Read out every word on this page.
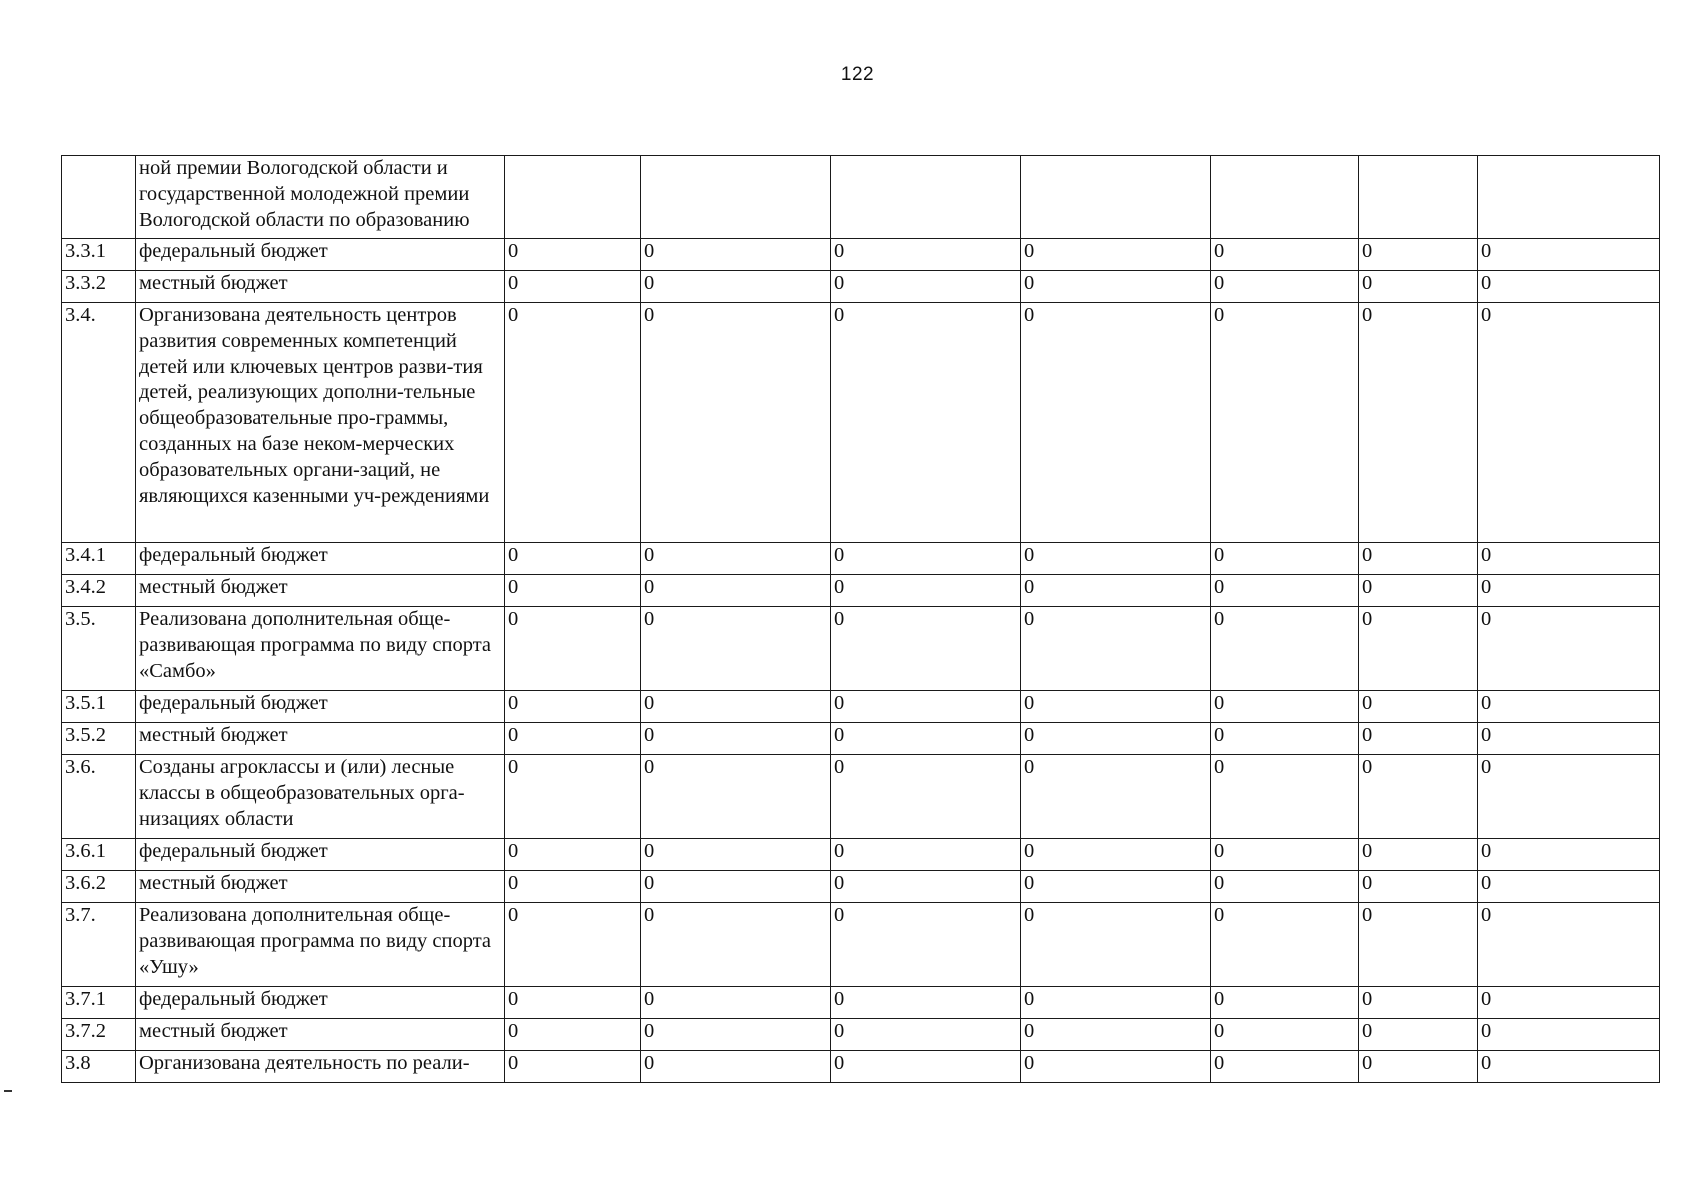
122
	ной премии Вологодской области и государственной молодежной премии Вологодской области по образованию							
3.3.1	федеральный бюджет	0	0	0	0	0	0	0
3.3.2	местный бюджет	0	0	0	0	0	0	0
3.4.	Организована деятельность центров развития современных компетенций детей или ключевых центров разви-тия детей, реализующих дополни-тельные общеобразовательные про-граммы, созданных на базе неком-мерческих образовательных органи-заций, не являющихся казенными уч-реждениями	0	0	0	0	0	0	0
3.4.1	федеральный бюджет	0	0	0	0	0	0	0
3.4.2	местный бюджет	0	0	0	0	0	0	0
3.5.	Реализована дополнительная обще-развивающая программа по виду спорта «Самбо»	0	0	0	0	0	0	0
3.5.1	федеральный бюджет	0	0	0	0	0	0	0
3.5.2	местный бюджет	0	0	0	0	0	0	0
3.6.	Созданы агроклассы и (или) лесные классы в общеобразовательных орга-низациях области	0	0	0	0	0	0	0
3.6.1	федеральный бюджет	0	0	0	0	0	0	0
3.6.2	местный бюджет	0	0	0	0	0	0	0
3.7.	Реализована дополнительная обще-развивающая программа по виду спорта «Ушу»	0	0	0	0	0	0	0
3.7.1	федеральный бюджет	0	0	0	0	0	0	0
3.7.2	местный бюджет	0	0	0	0	0	0	0
3.8	Организована деятельность по реали-	0	0	0	0	0	0	0
